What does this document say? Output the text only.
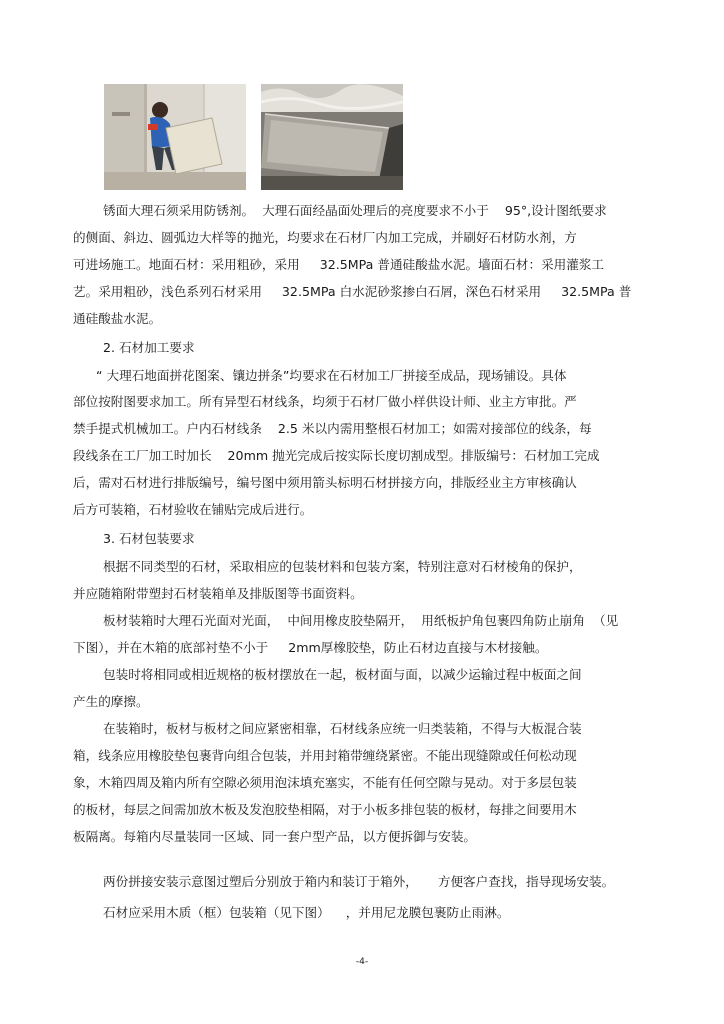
锈面大理石须采用防锈剂。  大理石面经晶面处理后的亮度要求不小于    95°,设计图纸要求
的侧面、斜边、圆弧边大样等的抛光，均要求在石材厂内加工完成，并刷好石材防水剂，方
可进场施工。地面石材：采用粗砂，采用     32.5MPa 普通硅酸盐水泥。墙面石材：采用灌浆工
艺。采用粗砂，浅色系列石材采用     32.5MPa 白水泥砂浆掺白石屑，深色石材采用     32.5MPa 普
通硅酸盐水泥。
2. 石材加工要求
“ 大理石地面拼花图案、镶边拼条”均要求在石材加工厂拼接至成品，现场铺设。具体
部位按附图要求加工。所有异型石材线条，均须于石材厂做小样供设计师、业主方审批。严
禁手提式机械加工。户内石材线条    2.5 米以内需用整根石材加工；如需对接部位的线条，每
段线条在工厂加工时加长    20mm 抛光完成后按实际长度切割成型。排版编号：石材加工完成
后，需对石材进行排版编号，编号图中须用箭头标明石材拼接方向，排版经业主方审核确认
后方可装箱，石材验收在铺贴完成后进行。
3. 石材包装要求
根据不同类型的石材，采取相应的包装材料和包装方案，特别注意对石材棱角的保护，
并应随箱附带塑封石材装箱单及排版图等书面资料。
板材装箱时大理石光面对光面，  中间用橡皮胶垫隔开，  用纸板护角包裹四角防止崩角  （见
下图），并在木箱的底部衬垫不小于     2mm厚橡胶垫，防止石材边直接与木材接触。
包装时将相同或相近规格的板材摆放在一起，板材面与面，以减少运输过程中板面之间
产生的摩擦。
在装箱时，板材与板材之间应紧密相靠，石材线条应统一归类装箱，不得与大板混合装
箱，线条应用橡胶垫包裹背向组合包装，并用封箱带缠绕紧密。不能出现缝隙或任何松动现
象，木箱四周及箱内所有空隙必须用泡沫填充塞实，不能有任何空隙与晃动。对于多层包装
的板材，每层之间需加放木板及发泡胶垫相隔，对于小板多排包装的板材，每排之间要用木
板隔离。每箱内尽量装同一区域、同一套户型产品，以方便拆御与安装。
两份拼接安装示意图过塑后分别放于箱内和装订于箱外，     方便客户查找，指导现场安装。
石材应采用木质（框）包装箱（见下图）    ，并用尼龙膜包裹防止雨淋。
-4-
